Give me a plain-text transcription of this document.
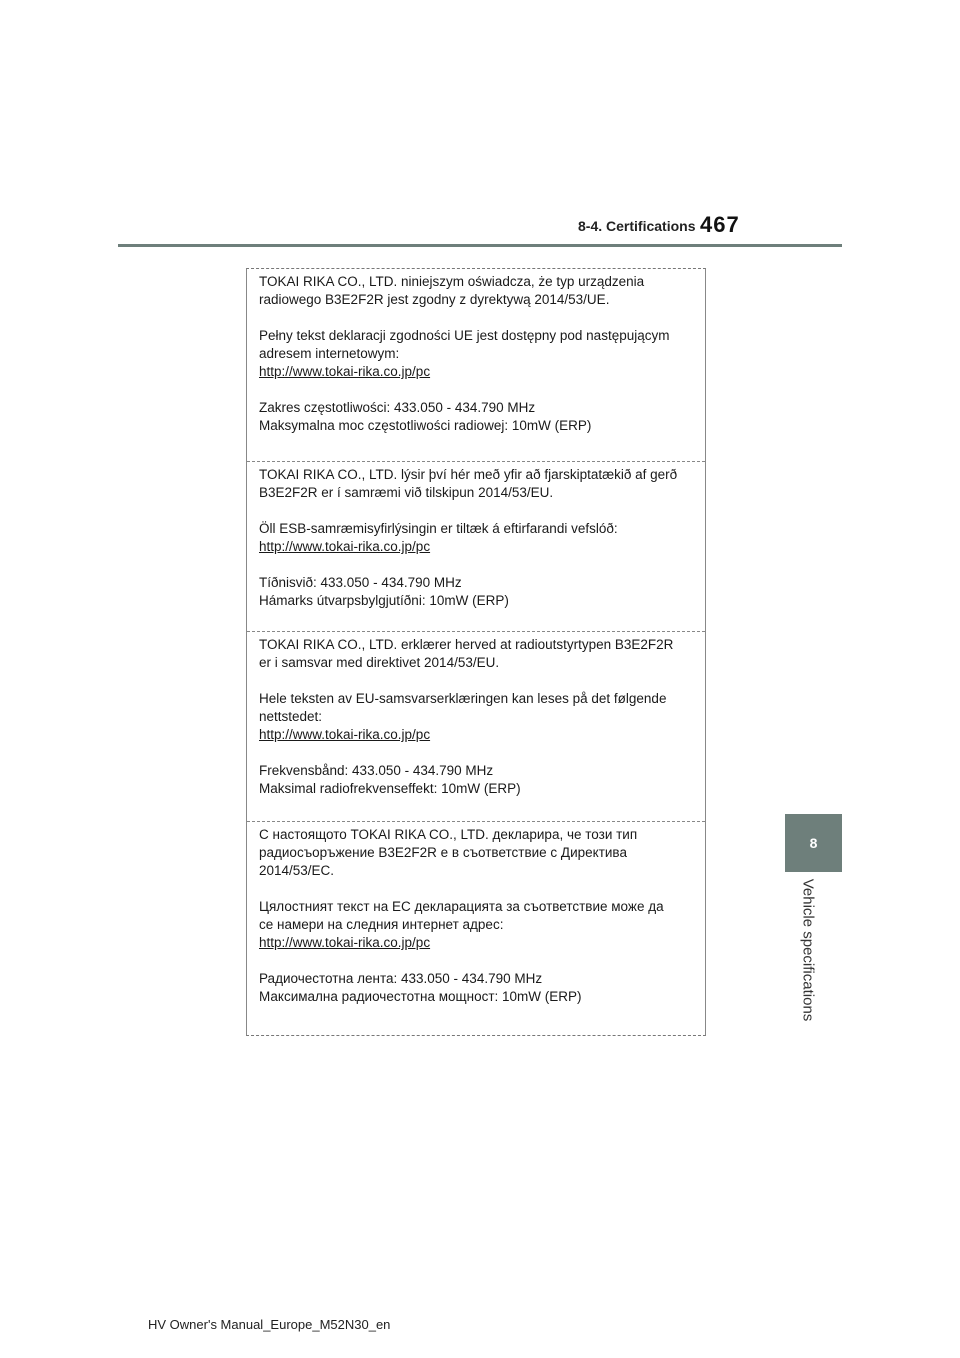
8-4. Certifications 467
8
Vehicle specifications

TOKAI RIKA CO., LTD. niniejszym oświadcza, że typ urządzenia

radiowego B3E2F2R jest zgodny z dyrektywą 2014/53/UE.

Pełny tekst deklaracji zgodności UE jest dostępny pod następującym

adresem internetowym:

http://www.tokai-rika.co.jp/pc

Zakres częstotliwości: 433.050 - 434.790 MHz

Maksymalna moc częstotliwości radiowej: 10mW (ERP)

TOKAI RIKA CO., LTD. lýsir því hér með yfir að fjarskiptatækið af gerð

B3E2F2R er í samræmi við tilskipun 2014/53/EU.

Öll ESB-samræmisyfirlýsingin er tiltæk á eftirfarandi vefslóð:

http://www.tokai-rika.co.jp/pc

Tíðnisvið: 433.050 - 434.790 MHz

Hámarks útvarpsbylgjutíðni: 10mW (ERP)

TOKAI RIKA CO., LTD. erklærer herved at radioutstyrtypen B3E2F2R

er i samsvar med direktivet 2014/53/EU.

Hele teksten av EU-samsvarserklæringen kan leses på det følgende

nettstedet:

http://www.tokai-rika.co.jp/pc

Frekvensbånd: 433.050 - 434.790 MHz

Maksimal radiofrekvenseffekt: 10mW (ERP)

С настоящото TOKAI RIKA CO., LTD. декларира, че този тип

радиосъоръжение B3E2F2R е в съответствие с Директива

2014/53/ЕС.

Цялостният текст на ЕС декларацията за съответствие може да

се намери на следния интернет адрес:

http://www.tokai-rika.co.jp/pc

Радиочестотна лента: 433.050 - 434.790 MHz

Максимална радиочестотна мощност: 10mW (ERP)

HV Owner's Manual_Europe_M52N30_en
